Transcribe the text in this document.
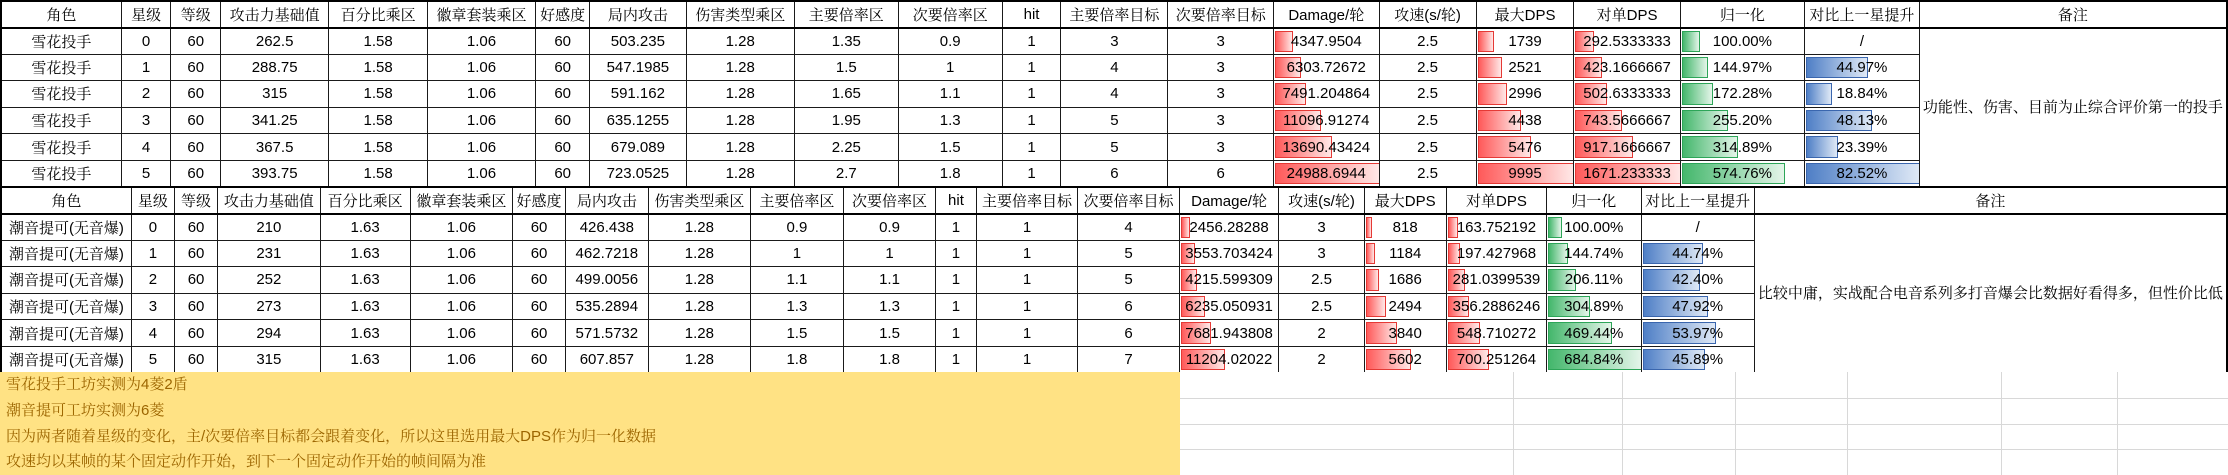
角色	星级	等级	攻击力基础值	百分比乘区	徽章套装乘区	好感度	局内攻击	伤害类型乘区	主要倍率区	次要倍率区	hit	主要倍率目标	次要倍率目标	Damage/轮	攻速(s/轮)	最大DPS	对单DPS	归一化	对比上一星提升	备注
雪花投手	0	60	262.5	1.58	1.06	60	503.235	1.28	1.35	0.9	1	3	3	4347.9504	2.5	1739	292.5333333	100.00%	/	功能性、伤害、目前为止综合评价第一的投手
雪花投手	1	60	288.75	1.58	1.06	60	547.1985	1.28	1.5	1	1	4	3	6303.72672	2.5	2521	423.1666667	144.97%	44.97%	
雪花投手	2	60	315	1.58	1.06	60	591.162	1.28	1.65	1.1	1	4	3	7491.204864	2.5	2996	502.6333333	172.28%	18.84%	
雪花投手	3	60	341.25	1.58	1.06	60	635.1255	1.28	1.95	1.3	1	5	3	11096.91274	2.5	4438	743.5666667	255.20%	48.13%	
雪花投手	4	60	367.5	1.58	1.06	60	679.089	1.28	2.25	1.5	1	5	3	13690.43424	2.5	5476	917.1666667	314.89%	23.39%	
雪花投手	5	60	393.75	1.58	1.06	60	723.0525	1.28	2.7	1.8	1	6	6	24988.6944	2.5	9995	1671.233333	574.76%	82.52%	
角色	星级	等级	攻击力基础值	百分比乘区	徽章套装乘区	好感度	局内攻击	伤害类型乘区	主要倍率区	次要倍率区	hit	主要倍率目标	次要倍率目标	Damage/轮	攻速(s/轮)	最大DPS	对单DPS	归一化	对比上一星提升	备注
潮音提可(无音爆)	0	60	210	1.63	1.06	60	426.438	1.28	0.9	0.9	1	1	4	2456.28288	3	818	163.752192	100.00%	/	比较中庸，实战配合电音系列多打音爆会比数据好看得多，但性价比低
潮音提可(无音爆)	1	60	231	1.63	1.06	60	462.7218	1.28	1	1	1	1	5	3553.703424	3	1184	197.427968	144.74%	44.74%	
潮音提可(无音爆)	2	60	252	1.63	1.06	60	499.0056	1.28	1.1	1.1	1	1	5	4215.599309	2.5	1686	281.0399539	206.11%	42.40%	
潮音提可(无音爆)	3	60	273	1.63	1.06	60	535.2894	1.28	1.3	1.3	1	1	6	6235.050931	2.5	2494	356.2886246	304.89%	47.92%	
潮音提可(无音爆)	4	60	294	1.63	1.06	60	571.5732	1.28	1.5	1.5	1	1	6	7681.943808	2	3840	548.710272	469.44%	53.97%	
潮音提可(无音爆)	5	60	315	1.63	1.06	60	607.857	1.28	1.8	1.8	1	1	7	11204.02022	2	5602	700.251264	684.84%	45.89%	
雪花投手工坊实测为4菱2盾
潮音提可工坊实测为6菱
因为两者随着星级的变化，主/次要倍率目标都会跟着变化，所以这里选用最大DPS作为归一化数据
攻速均以某帧的某个固定动作开始，到下一个固定动作开始的帧间隔为准
